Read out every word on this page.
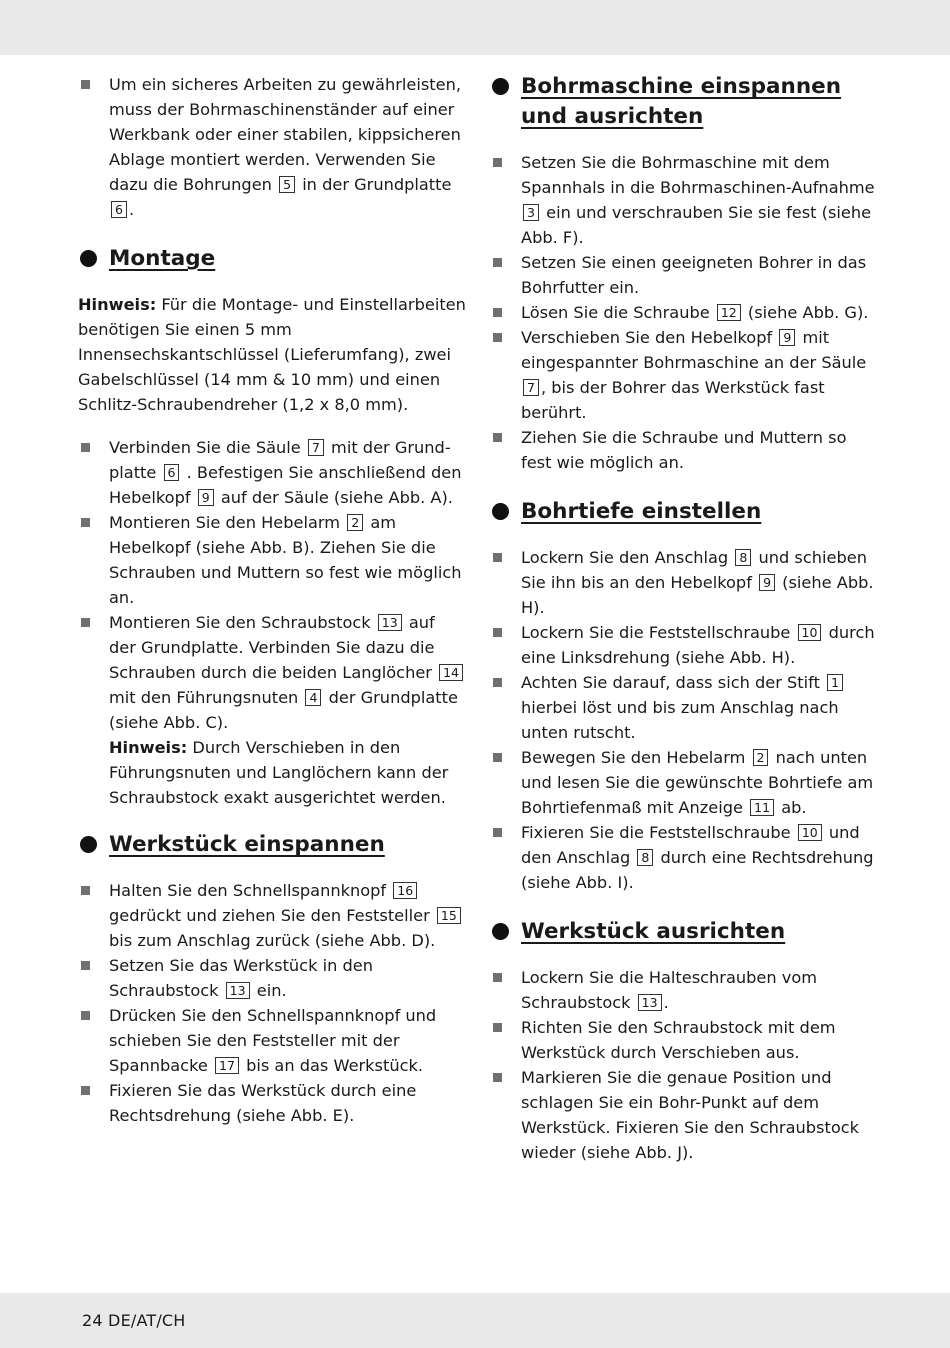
Um ein sicheres Arbeiten zu gewährleisten, muss der Bohrmaschinenständer auf einer Werkbank oder einer stabilen, kippsicheren Ablage montiert werden. Verwenden Sie dazu die Bohrungen 5 in der Grundplatte 6 .
Montage

Hinweis: Für die Montage- und Einstellarbeiten benötigen Sie einen 5 mm Innensechskantschlüssel (Lieferumfang), zwei Gabelschlüssel (14 mm & 10 mm) und einen Schlitz-Schraubendreher (1,2 x 8,0 mm).

Verbinden Sie die Säule 7 mit der Grund-platte 6 . Befestigen Sie anschließend den Hebelkopf 9 auf der Säule (siehe Abb. A).
Montieren Sie den Hebelarm 2 am Hebelkopf (siehe Abb. B). Ziehen Sie die Schrauben und Muttern so fest wie möglich an.
Montieren Sie den Schraubstock 13 auf der Grundplatte. Verbinden Sie dazu die Schrauben durch die beiden Langlöcher 14 mit den Führungsnuten 4 der Grundplatte (siehe Abb. C).
Hinweis: Durch Verschieben in den Führungsnuten und Langlöchern kann der Schraubstock exakt ausgerichtet werden.
Werkstück einspannen
Halten Sie den Schnellspannknopf 16 gedrückt und ziehen Sie den Feststeller 15 bis zum Anschlag zurück (siehe Abb. D).
Setzen Sie das Werkstück in den Schraubstock 13 ein.
Drücken Sie den Schnellspannknopf und schieben Sie den Feststeller mit der Spannbacke 17 bis an das Werkstück.
Fixieren Sie das Werkstück durch eine Rechtsdrehung (siehe Abb. E).
Bohrmaschine einspannen und ausrichten
Setzen Sie die Bohrmaschine mit dem Spannhals in die Bohrmaschinen-Aufnahme 3 ein und verschrauben Sie sie fest (siehe Abb. F).
Setzen Sie einen geeigneten Bohrer in das Bohrfutter ein.
Lösen Sie die Schraube 12 (siehe Abb. G).
Verschieben Sie den Hebelkopf 9 mit eingespannter Bohrmaschine an der Säule 7 , bis der Bohrer das Werkstück fast berührt.
Ziehen Sie die Schraube und Muttern so fest wie möglich an.
Bohrtiefe einstellen
Lockern Sie den Anschlag 8 und schieben Sie ihn bis an den Hebelkopf 9 (siehe Abb. H).
Lockern Sie die Feststellschraube 10 durch eine Linksdrehung (siehe Abb. H).
Achten Sie darauf, dass sich der Stift 1 hierbei löst und bis zum Anschlag nach unten rutscht.
Bewegen Sie den Hebelarm 2 nach unten und lesen Sie die gewünschte Bohrtiefe am Bohrtiefenmaß mit Anzeige 11 ab.
Fixieren Sie die Feststellschraube 10 und den Anschlag 8 durch eine Rechtsdrehung (siehe Abb. I).
Werkstück ausrichten
Lockern Sie die Halteschrauben vom Schraubstock 13 .
Richten Sie den Schraubstock mit dem Werkstück durch Verschieben aus.
Markieren Sie die genaue Position und schlagen Sie ein Bohr-Punkt auf dem Werkstück. Fixieren Sie den Schraubstock wieder (siehe Abb. J).
24 DE/AT/CH
